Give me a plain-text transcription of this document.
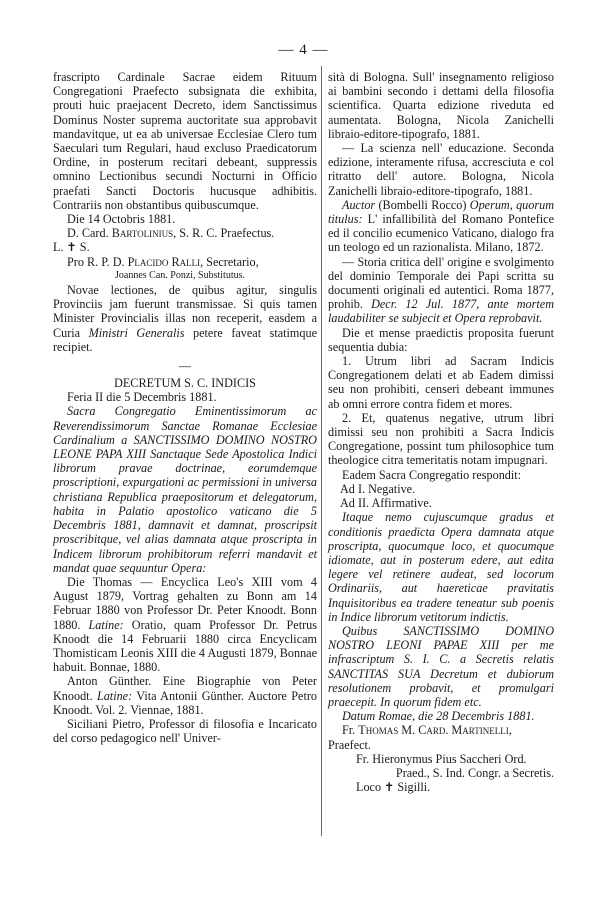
— 4 —

frascripto Cardinale Sacrae eidem Rituum Congregationi Praefecto subsignata die exhibita, prouti huic praejacent Decreto, idem Sanctissimus Dominus Noster suprema auctoritate sua approbavit mandavitque, ut ea ab universae Ecclesiae Clero tum Saeculari tum Regulari, haud excluso Praedicatorum Ordine, in posterum recitari debeant, suppressis omnino Lectionibus secundi Nocturni in Officio praefati Sancti Doctoris hucusque adhibitis. Contrariis non obstantibus quibuscumque.

Die 14 Octobris 1881.

D. Card. Bartolinius, S. R. C. Praefectus.

L. ✝ S.

Pro R. P. D. Placido Ralli, Secretario,

Joannes Can. Ponzi, Substitutus.

Novae lectiones, de quibus agitur, singulis Provinciis jam fuerunt transmissae. Si quis tamen Minister Provincialis illas non receperit, easdem a Curia Ministri Generalis petere faveat statimque recipiet.

—

DECRETUM S. C. INDICIS

Feria II die 5 Decembris 1881.

Sacra Congregatio Eminentissimorum ac Reverendissimorum Sanctae Romanae Ecclesiae Cardinalium a SANCTISSIMO DOMINO NOSTRO LEONE PAPA XIII Sanctaque Sede Apostolica Indici librorum pravae doctrinae, eorumdemque proscriptioni, expurgationi ac permissioni in universa christiana Republica praepositorum et delegatorum, habita in Palatio apostolico vaticano die 5 Decembris 1881, damnavit et damnat, proscripsit proscribitque, vel alias damnata atque proscripta in Indicem librorum prohibitorum referri mandavit et mandat quae sequuntur Opera:

Die Thomas — Encyclica Leo's XIII vom 4 August 1879, Vortrag gehalten zu Bonn am 14 Februar 1880 von Professor Dr. Peter Knoodt. Bonn 1880. Latine: Oratio, quam Professor Dr. Petrus Knoodt die 14 Februarii 1880 circa Encyclicam Thomisticam Leonis XIII die 4 Augusti 1879, Bonnae habuit. Bonnae, 1880.

Anton Günther. Eine Biographie von Peter Knoodt. Latine: Vita Antonii Günther. Auctore Petro Knoodt. Vol. 2. Viennae, 1881.

Siciliani Pietro, Professor di filosofia e Incaricato del corso pedagogico nell' Univer-

sità di Bologna. Sull' insegnamento religioso ai bambini secondo i dettami della filosofia scientifica. Quarta edizione riveduta ed aumentata. Bologna, Nicola Zanichelli libraio-editore-tipografo, 1881.

— La scienza nell' educazione. Seconda edizione, interamente rifusa, accresciuta e col ritratto dell' autore. Bologna, Nicola Zanichelli libraio-editore-tipografo, 1881.

Auctor (Bombelli Rocco) Operum, quorum titulus: L' infallibilità del Romano Pontefice ed il concilio ecumenico Vaticano, dialogo fra un teologo ed un razionalista. Milano, 1872.

— Storia critica dell' origine e svolgimento del dominio Temporale dei Papi scritta su documenti originali ed autentici. Roma 1877, prohib. Decr. 12 Jul. 1877, ante mortem laudabiliter se subjecit et Opera reprobavit.

Die et mense praedictis proposita fuerunt sequentia dubia:

1. Utrum libri ad Sacram Indicis Congregationem delati et ab Eadem dimissi seu non prohibiti, censeri debeant immunes ab omni errore contra fidem et mores.

2. Et, quatenus negative, utrum libri dimissi seu non prohibiti a Sacra Indicis Congregatione, possint tum philosophice tum theologice citra temeritatis notam impugnari.

Eadem Sacra Congregatio respondit:

Ad I. Negative.

Ad II. Affirmative.

Itaque nemo cujuscumque gradus et conditionis praedicta Opera damnata atque proscripta, quocumque loco, et quocumque idiomate, aut in posterum edere, aut edita legere vel retinere audeat, sed locorum Ordinariis, aut haereticae pravitatis Inquisitoribus ea tradere teneatur sub poenis in Indice librorum vetitorum indictis.

Quibus SANCTISSIMO DOMINO NOSTRO LEONI PAPAE XIII per me infrascriptum S. I. C. a Secretis relatis SANCTITAS SUA Decretum et dubiorum resolutionem probavit, et promulgari praecepit. In quorum fidem etc.

Datum Romae, die 28 Decembris 1881.

Fr. Thomas M. Card. Martinelli, Praefect.

Fr. Hieronymus Pius Saccheri Ord.

Praed., S. Ind. Congr. a Secretis.

Loco ✝ Sigilli.
